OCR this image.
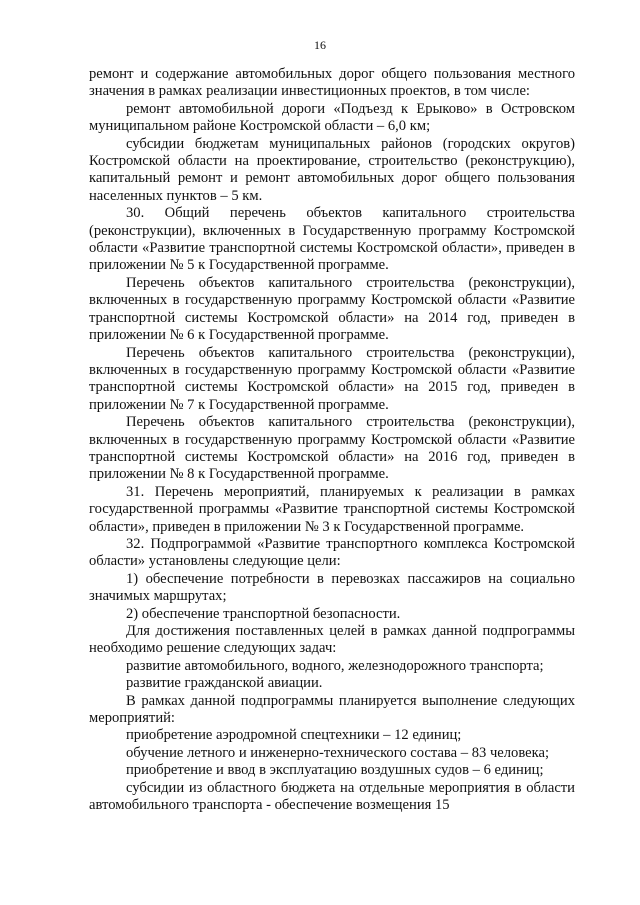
16

ремонт и содержание автомобильных дорог общего пользования местного значения в рамках реализации инвестиционных проектов, в том числе:

ремонт автомобильной дороги «Подъезд к Ерыково» в Островском муниципальном районе Костромской области – 6,0 км;

субсидии бюджетам муниципальных районов (городских округов) Костромской области на проектирование, строительство (реконструкцию), капитальный ремонт и ремонт автомобильных дорог общего пользования населенных пунктов – 5 км.

30. Общий перечень объектов капитального строительства (реконструкции), включенных в Государственную программу Костромской области «Развитие транспортной системы Костромской области», приведен в приложении № 5 к Государственной программе.

Перечень объектов капитального строительства (реконструкции), включенных в государственную программу Костромской области «Развитие транспортной системы Костромской области» на 2014 год, приведен в приложении № 6 к Государственной программе.

Перечень объектов капитального строительства (реконструкции), включенных в государственную программу Костромской области «Развитие транспортной системы Костромской области» на 2015 год, приведен в приложении № 7 к Государственной программе.

Перечень объектов капитального строительства (реконструкции), включенных в государственную программу Костромской области «Развитие транспортной системы Костромской области» на 2016 год, приведен в приложении № 8 к Государственной программе.

31. Перечень мероприятий, планируемых к реализации в рамках государственной программы «Развитие транспортной системы Костромской области», приведен в приложении № 3 к Государственной программе.

32. Подпрограммой «Развитие транспортного комплекса Костромской области» установлены следующие цели:

1) обеспечение потребности в перевозках пассажиров на социально значимых маршрутах;

2) обеспечение транспортной безопасности.

Для достижения поставленных целей в рамках данной подпрограммы необходимо решение следующих задач:

развитие автомобильного, водного, железнодорожного транспорта;

развитие гражданской авиации.

В рамках данной подпрограммы планируется выполнение следующих мероприятий:

приобретение аэродромной спецтехники – 12 единиц;

обучение летного и инженерно-технического состава – 83 человека;

приобретение и ввод в эксплуатацию воздушных судов – 6 единиц;

субсидии из областного бюджета на отдельные мероприятия в области автомобильного транспорта - обеспечение возмещения 15
